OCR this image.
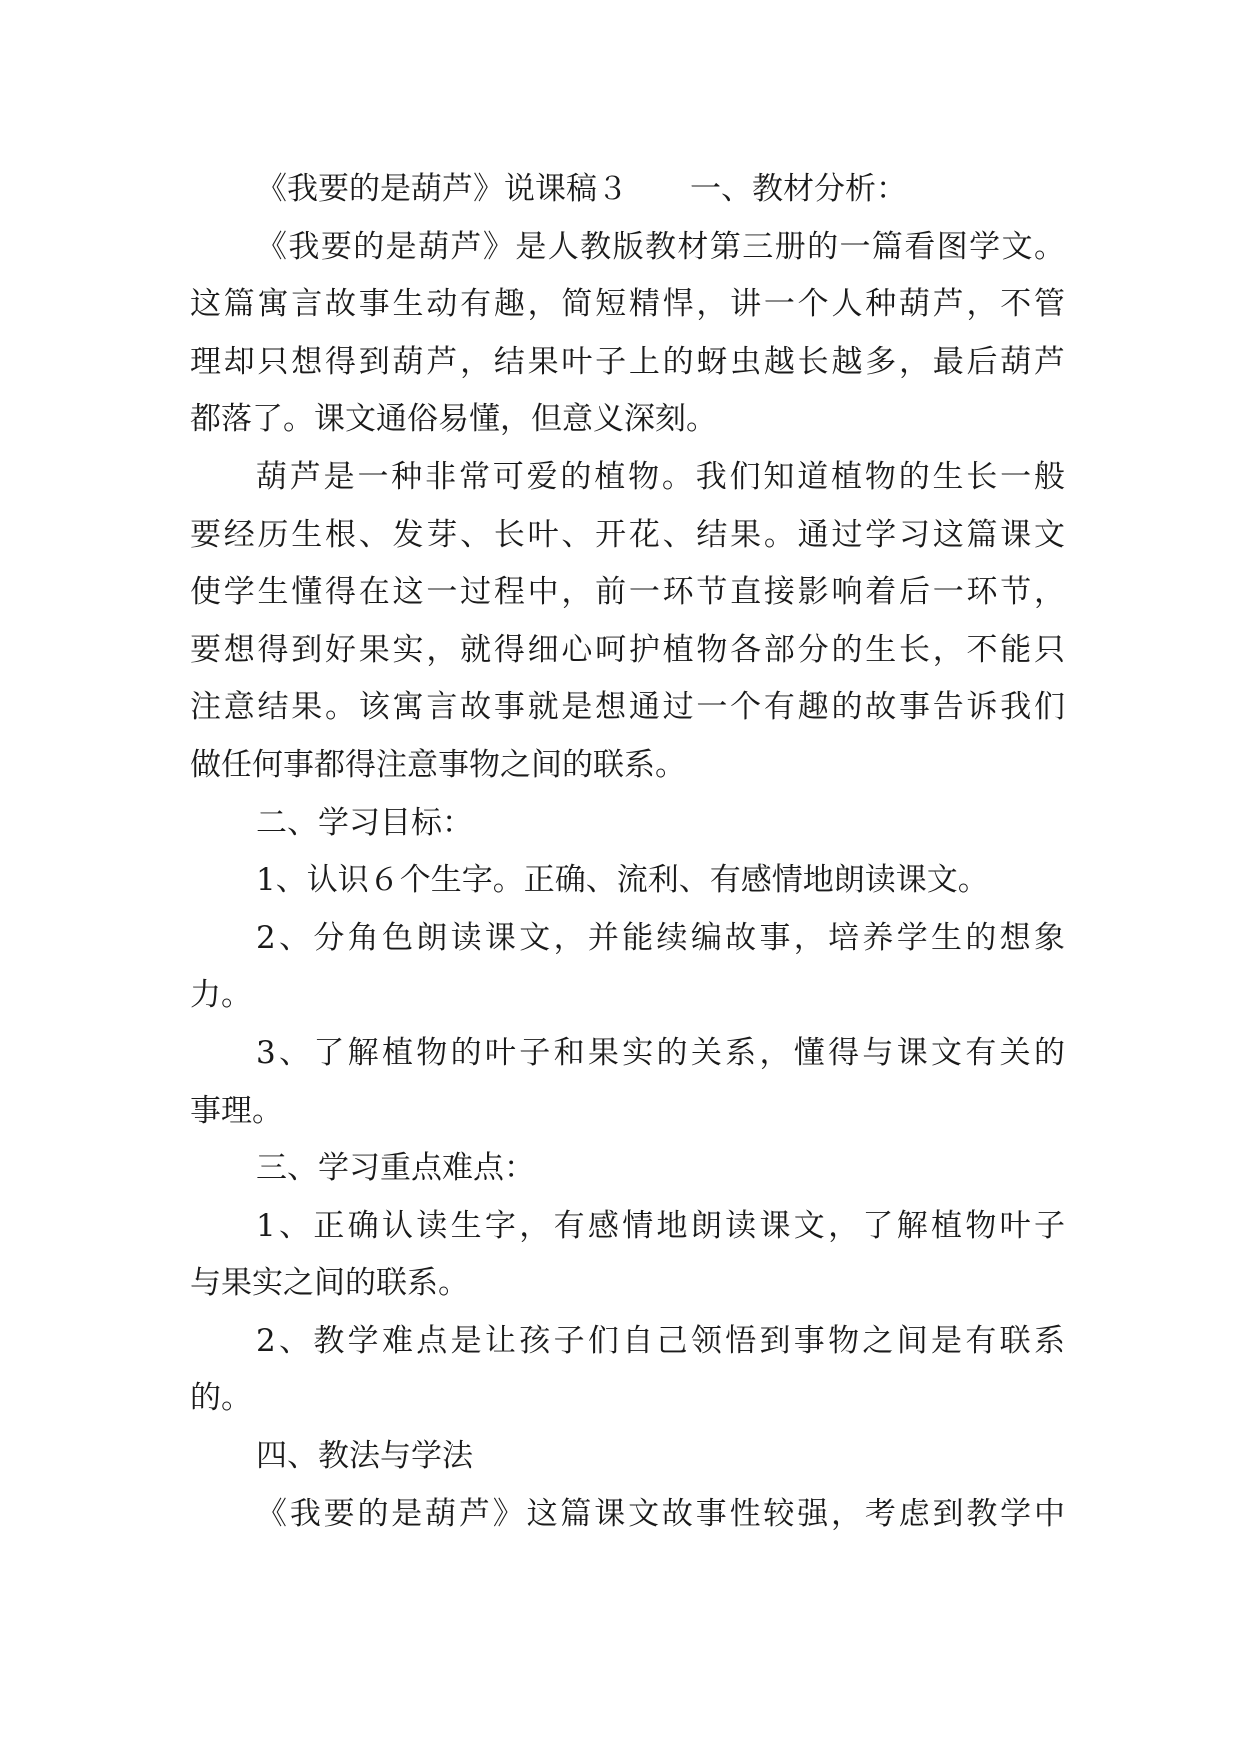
《我要的是葫芦》说课稿３　　一、教材分析：
《我要的是葫芦》是人教版教材第三册的一篇看图学文。
这篇寓言故事生动有趣，简短精悍，讲一个人种葫芦，不管
理却只想得到葫芦，结果叶子上的蚜虫越长越多，最后葫芦
都落了。课文通俗易懂，但意义深刻。
葫芦是一种非常可爱的植物。我们知道植物的生长一般
要经历生根、发芽、长叶、开花、结果。通过学习这篇课文
使学生懂得在这一过程中，前一环节直接影响着后一环节，
要想得到好果实，就得细心呵护植物各部分的生长，不能只
注意结果。该寓言故事就是想通过一个有趣的故事告诉我们
做任何事都得注意事物之间的联系。
二、学习目标：
1、认识６个生字。正确、流利、有感情地朗读课文。
2、分角色朗读课文，并能续编故事，培养学生的想象
力。
3、了解植物的叶子和果实的关系，懂得与课文有关的
事理。
三、学习重点难点：
1、正确认读生字，有感情地朗读课文，了解植物叶子
与果实之间的联系。
2、教学难点是让孩子们自己领悟到事物之间是有联系
的。
四、教法与学法
《我要的是葫芦》这篇课文故事性较强，考虑到教学中
